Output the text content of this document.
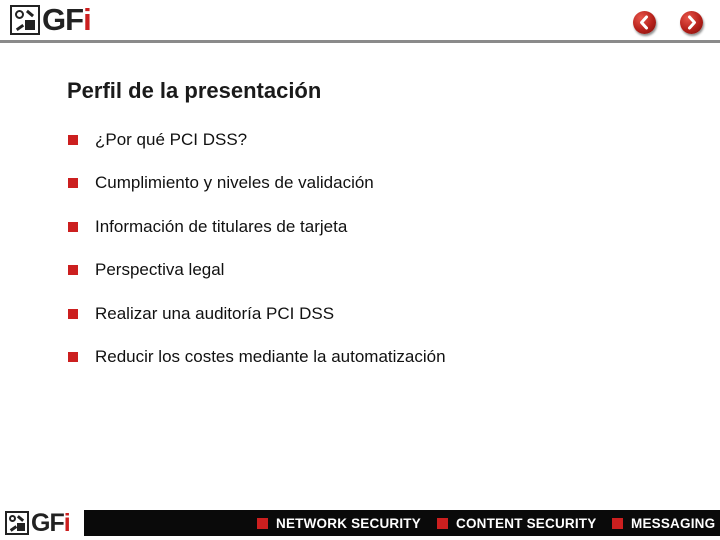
GFi
Perfil de la presentación
¿Por qué PCI DSS?
Cumplimiento y niveles de validación
Información de titulares de tarjeta
Perspectiva legal
Realizar una auditoría PCI DSS
Reducir los costes mediante la automatización
GFi	NETWORK SECURITY	CONTENT SECURITY	MESSAGING
